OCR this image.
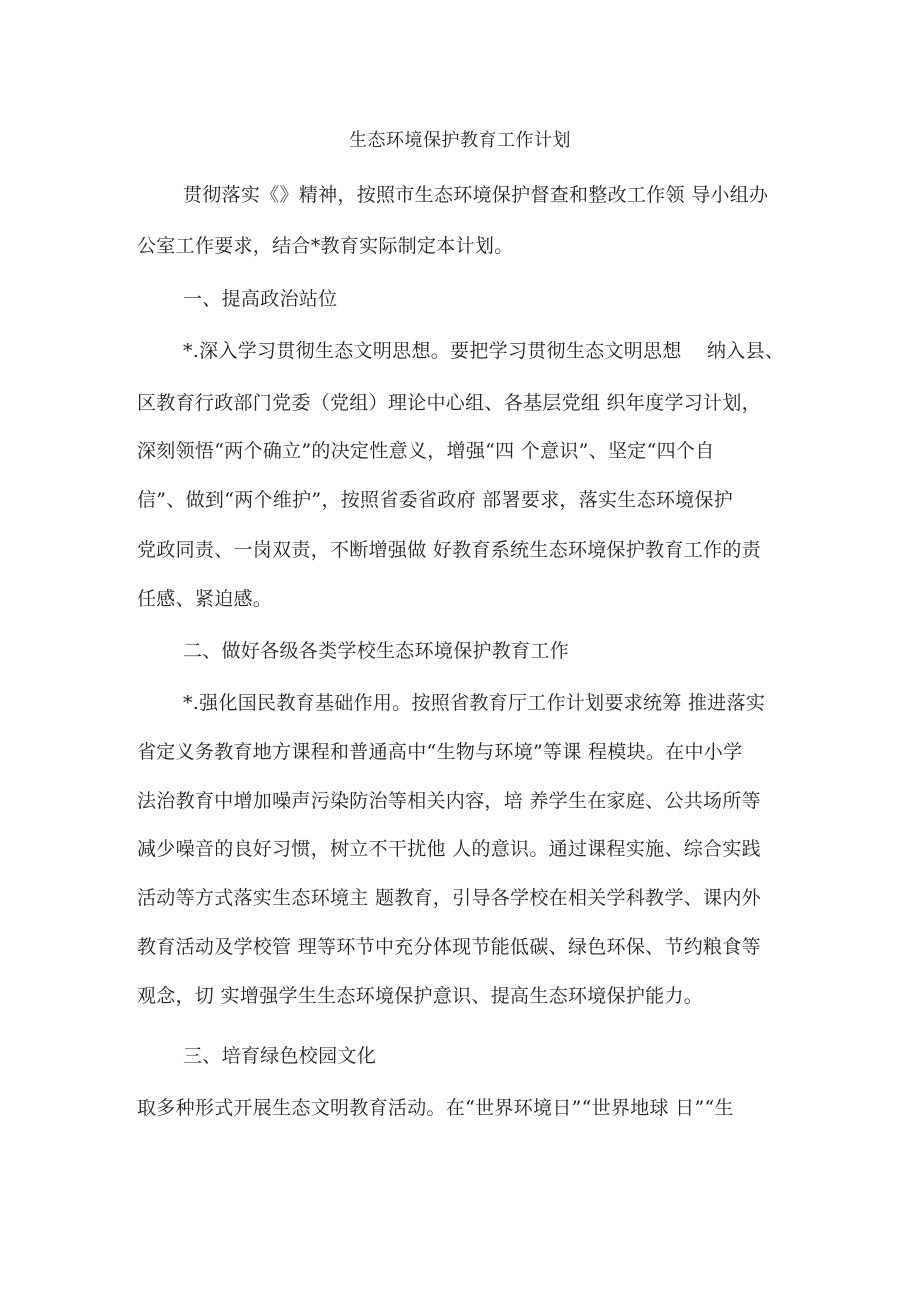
生态环境保护教育工作计划
贯彻落实《》精神，按照市生态环境保护督查和整改工作领 导小组办
公室工作要求，结合*教育实际制定本计划。
一、提高政治站位
*.深入学习贯彻生态文明思想。要把学习贯彻生态文明思想    纳入县、
区教育行政部门党委（党组）理论中心组、各基层党组 织年度学习计划，
深刻领悟“两个确立”的决定性意义，增强“四 个意识”、坚定“四个自
信”、做到“两个维护”，按照省委省政府 部署要求，落实生态环境保护
党政同责、一岗双责，不断增强做 好教育系统生态环境保护教育工作的责
任感、紧迫感。
二、做好各级各类学校生态环境保护教育工作
*.强化国民教育基础作用。按照省教育厅工作计划要求统筹 推进落实
省定义务教育地方课程和普通高中“生物与环境”等课 程模块。在中小学
法治教育中增加噪声污染防治等相关内容，培 养学生在家庭、公共场所等
减少噪音的良好习惯，树立不干扰他 人的意识。通过课程实施、综合实践
活动等方式落实生态环境主 题教育，引导各学校在相关学科教学、课内外
教育活动及学校管 理等环节中充分体现节能低碳、绿色环保、节约粮食等
观念，切 实增强学生生态环境保护意识、提高生态环境保护能力。
三、培育绿色校园文化
取多种形式开展生态文明教育活动。在“世界环境日”“世界地球 日”“生
